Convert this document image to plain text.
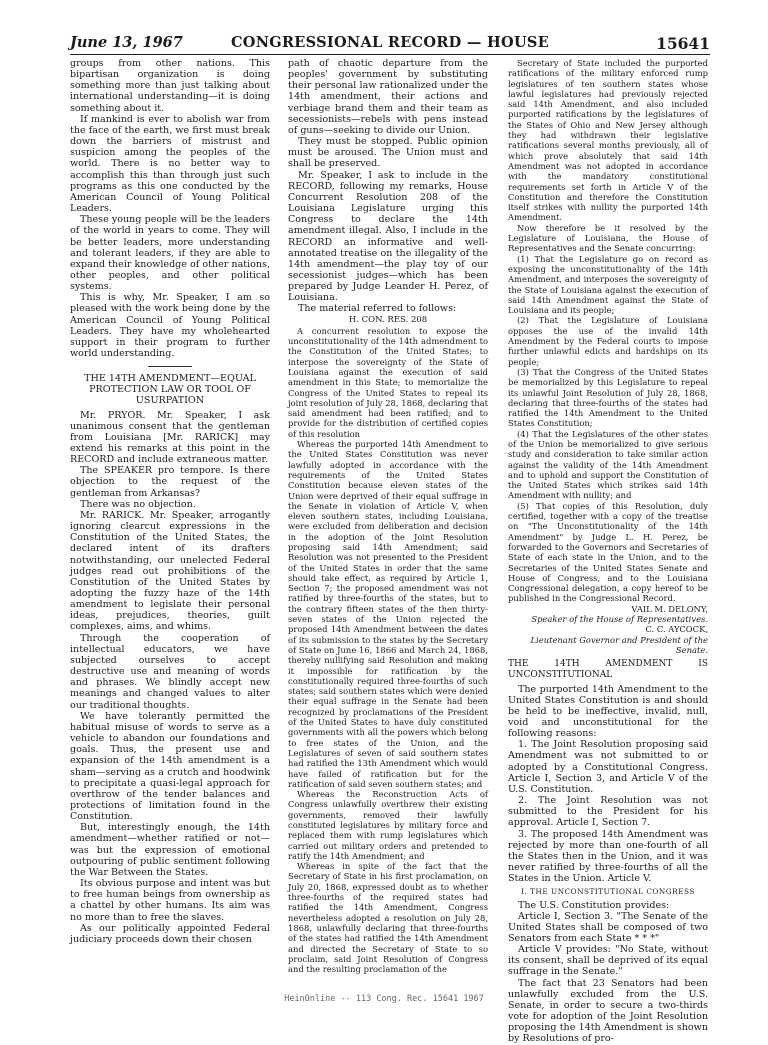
June 13, 1967	CONGRESSIONAL RECORD — HOUSE	15641

groups from other nations. This bipartisan organization is doing something more than just talking about international understanding—it is doing something about it.

If mankind is ever to abolish war from the face of the earth, we first must break down the barriers of mistrust and suspicion among the peoples of the world. There is no better way to accomplish this than through just such programs as this one conducted by the American Council of Young Political Leaders.

These young people will be the leaders of the world in years to come. They will be better leaders, more understanding and tolerant leaders, if they are able to expand their knowledge of other nations, other peoples, and other political systems.

This is why, Mr. Speaker, I am so pleased with the work being done by the American Council of Young Political Leaders. They have my wholehearted support in their program to further world understanding.

THE 14TH AMENDMENT—EQUAL PROTECTION LAW OR TOOL OF USURPATION

Mr. PRYOR. Mr. Speaker, I ask unanimous consent that the gentleman from Louisiana [Mr. RARICK] may extend his remarks at this point in the RECORD and include extraneous matter.

The SPEAKER pro tempore. Is there objection to the request of the gentleman from Arkansas?

There was no objection.

Mr. RARICK. Mr. Speaker, arrogantly ignoring clearcut expressions in the Constitution of the United States, the declared intent of its drafters notwithstanding, our unelected Federal judges read out prohibitions of the Constitution of the United States by adopting the fuzzy haze of the 14th amendment to legislate their personal ideas, prejudices, theories, guilt complexes, aims, and whims.

Through the cooperation of intellectual educators, we have subjected ourselves to accept destructive use and meaning of words and phrases. We blindly accept new meanings and changed values to alter our traditional thoughts.

We have tolerantly permitted the habitual misuse of words to serve as a vehicle to abandon our foundations and goals. Thus, the present use and expansion of the 14th amendment is a sham—serving as a crutch and hoodwink to precipitate a quasi-legal approach for overthrow of the tender balances and protections of limitation found in the Constitution.

But, interestingly enough, the 14th amendment—whether ratified or not—was but the expression of emotional outpouring of public sentiment following the War Between the States.

Its obvious purpose and intent was but to free human beings from ownership as a chattel by other humans. Its aim was no more than to free the slaves.

As our politically appointed Federal judiciary proceeds down their chosen

path of chaotic departure from the peoples' government by substituting their personal law rationalized under the 14th amendment, their actions and verbiage brand them and their team as secessionists—rebels with pens instead of guns—seeking to divide our Union.

They must be stopped. Public opinion must be aroused. The Union must and shall be preserved.

Mr. Speaker, I ask to include in the RECORD, following my remarks, House Concurrent Resolution 208 of the Louisiana Legislature urging this Congress to declare the 14th amendment illegal. Also, I include in the RECORD an informative and well-annotated treatise on the illegality of the 14th amendment—the play toy of our secessionist judges—which has been prepared by Judge Leander H. Perez, of Louisiana.

The material referred to follows:

H. CON. RES. 208

A concurrent resolution to expose the unconstitutionality of the 14th admendment to the Constitution of the United States; to interpose the sovereignty of the State of Louisiana against the execution of said amendment in this State; to memorialize the Congress of the United States to repeal its joint resolution of July 28, 1868, declaring that said amendment had been ratified; and to provide for the distribution of certified copies of this resolution

Whereas the purported 14th Amendment to the United States Constitution was never lawfully adopted in accordance with the requirements of the United States Constitution because eleven states of the Union were deprived of their equal suffrage in the Senate in violation of Article V, when eleven southern states, including Louisiana, were excluded from deliberation and decision in the adoption of the Joint Resolution proposing said 14th Amendment; said Resolution was not presented to the President of the United States in order that the same should take effect, as required by Article 1, Section 7; the proposed amendment was not ratified by three-fourths of the states, but to the contrary fifteen states of the then thirty-seven states of the Union rejected the proposed 14th Amendment between the dates of its submission to the states by the Secretary of State on June 16, 1866 and March 24, 1868, thereby nullifying said Resolution and making it impossible for ratification by the constitutionally required three-fourths of such states; said southern states which were denied their equal suffrage in the Senate had been recognized by proclamations of the President of the United States to have duly constituted governments with all the powers which belong to free states of the Union, and the Legislatures of seven of said southern states had ratified the 13th Amendment which would have failed of ratification but for the ratification of said seven southern states; and

Whereas the Reconstruction Acts of Congress unlawfully overthrew their existing governments, removed their lawfully constituted legislatures by military force and replaced them with rump legislatures which carried out military orders and pretended to ratify the 14th Amendment; and

Whereas in spite of the fact that the Secretary of State in his first proclamation, on July 20, 1868, expressed doubt as to whether three-fourths of the required states had ratified the 14th Amendment, Congress nevertheless adopted a resolution on July 28, 1868, unlawfully declaring that three-fourths of the states had ratified the 14th Amendment and directed the Secretary of State to so proclaim, said Joint Resolution of Congress and the resulting proclamation of the

Secretary of State included the purported ratifications of the military enforced rump legislatures of ten southern states whose lawful legislatures had previously rejected said 14th Amendment, and also included purported ratifications by the legislatures of the States of Ohio and New Jersey although they had withdrawn their legislative ratifications several months previously, all of which prove absolutely that said 14th Amendment was not adopted in accordance with the mandatory constitutional requirements set forth in Article V of the Constitution and therefore the Constitution itself strikes with nullity the purported 14th Amendment.

Now therefore be it resolved by the Legislature of Louisiana, the House of Representatives and the Senate concurring:

(1) That the Legislature go on record as exposing the unconstitutionality of the 14th Amendment, and interposes the sovereignty of the State of Louisiana against the execution of said 14th Amendment against the State of Louisiana and its people;

(2) That the Legislature of Louisiana opposes the use of the invalid 14th Amendment by the Federal courts to impose further unlawful edicts and hardships on its people;

(3) That the Congress of the United States be memorialized by this Legislature to repeal its unlawful Joint Resolution of July 28, 1868, declaring that three-fourths of the states had ratified the 14th Amendment to the United States Constitution;

(4) That the Legislatures of the other states of the Union be memorialized to give serious study and consideration to take similar action against the validity of the 14th Amendment and to uphold and support the Constitution of the United States which strikes said 14th Amendment with nullity; and

(5) That copies of this Resolution, duly certified, together with a copy of the treatise on "The Unconstitutionality of the 14th Amendment" by Judge L. H. Perez, be forwarded to the Governors and Secretaries of State of each state in the Union, and to the Secretaries of the United States Senate and House of Congress, and to the Louisiana Congressional delegation, a copy hereof to be published in the Congressional Record.

VAIL M. DELONY,

Speaker of the House of Representatives.

C. C. AYCOCK,

Lieutenant Governor and President of the Senate.

THE 14TH AMENDMENT IS UNCONSTITUTIONAL

The purported 14th Amendment to the United States Constitution is and should be held to be ineffective, invalid, null, void and unconstitutional for the following reasons:

1. The Joint Resolution proposing said Amendment was not submitted to or adopted by a Constitutional Congress. Article I, Section 3, and Article V of the U.S. Constitution.

2. The Joint Resolution was not submitted to the President for his approval. Article I, Section 7.

3. The proposed 14th Amendment was rejected by more than one-fourth of all the States then in the Union, and it was never ratified by three-fourths of all the States in the Union. Article V.

I. THE UNCONSTITUTIONAL CONGRESS

The U.S. Constitution provides:

Article I, Section 3. "The Senate of the United States shall be composed of two Senators from each State * * *"

Article V provides: "No State, without its consent, shall be deprived of its equal suffrage in the Senate."

The fact that 23 Senators had been unlawfully excluded from the U.S. Senate, in order to secure a two-thirds vote for adoption of the Joint Resolution proposing the 14th Amendment is shown by Resolutions of pro-

HeinOnline -- 113 Cong. Rec. 15641 1967
